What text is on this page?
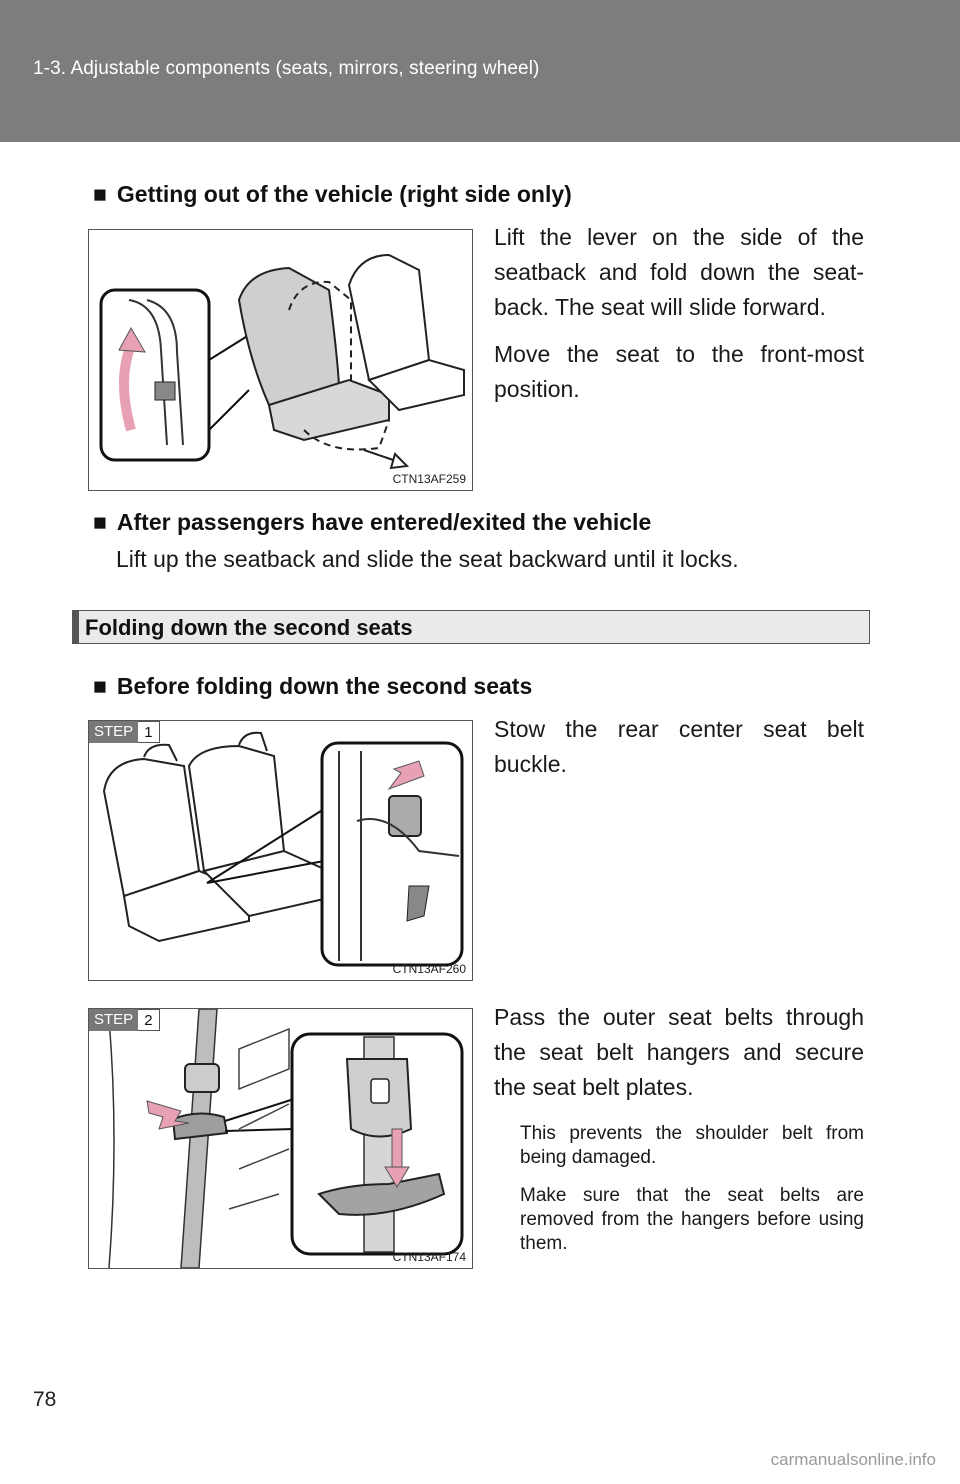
1-3. Adjustable components (seats, mirrors, steering wheel)
■ Getting out of the vehicle (right side only)
CTN13AF259
Lift the lever on the side of the seatback and fold down the seat-back. The seat will slide forward.
Move the seat to the front-most position.
■ After passengers have entered/exited the vehicle
Lift up the seatback and slide the seat backward until it locks.
Folding down the second seats
■ Before folding down the second seats
STEP 1
CTN13AF260
Stow the rear center seat belt buckle.
STEP 2
CTN13AF174
Pass the outer seat belts through the seat belt hangers and secure the seat belt plates.
This prevents the shoulder belt from being damaged.
Make sure that the seat belts are removed from the hangers before using them.
78
carmanualsonline.info
